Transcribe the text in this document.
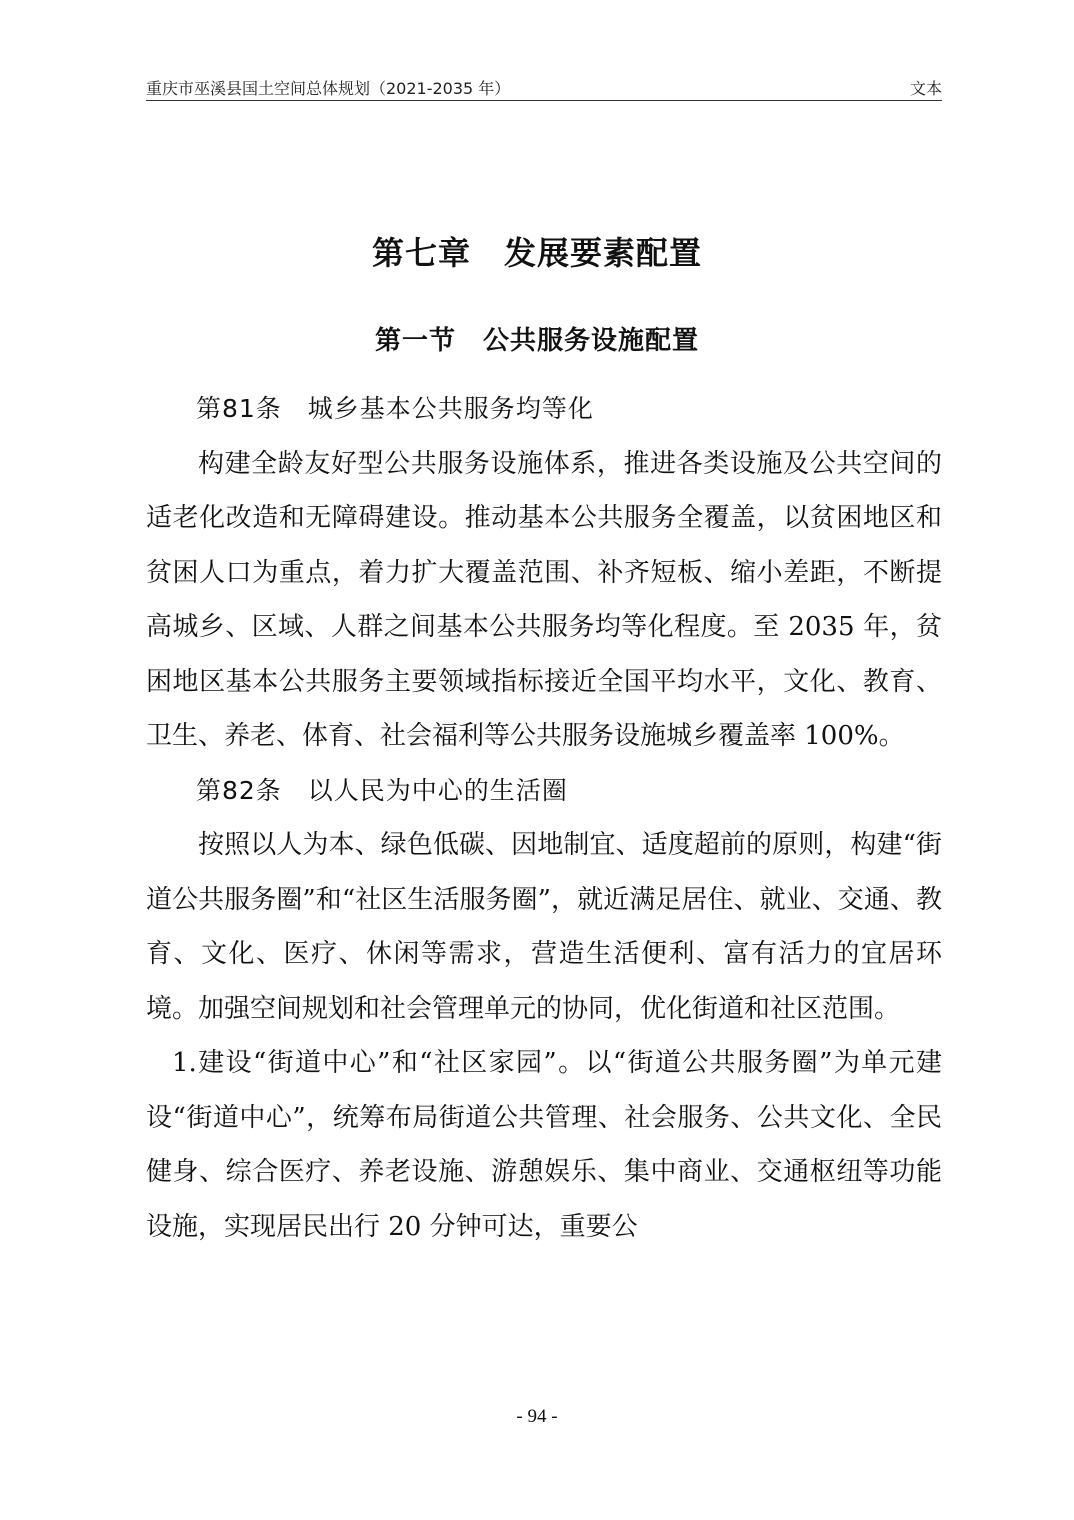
重庆市巫溪县国土空间总体规划（2021-2035 年）	文本
第七章　发展要素配置
第一节　公共服务设施配置

第81条　城乡基本公共服务均等化

构建全龄友好型公共服务设施体系，推进各类设施及公共空间的适老化改造和无障碍建设。推动基本公共服务全覆盖，以贫困地区和贫困人口为重点，着力扩大覆盖范围、补齐短板、缩小差距，不断提高城乡、区域、人群之间基本公共服务均等化程度。至 2035 年，贫困地区基本公共服务主要领域指标接近全国平均水平，文化、教育、卫生、养老、体育、社会福利等公共服务设施城乡覆盖率 100%。

第82条　以人民为中心的生活圈

按照以人为本、绿色低碳、因地制宜、适度超前的原则，构建“街道公共服务圈”和“社区生活服务圈”，就近满足居住、就业、交通、教育、文化、医疗、休闲等需求，营造生活便利、富有活力的宜居环境。加强空间规划和社会管理单元的协同，优化街道和社区范围。

1.建设“街道中心”和“社区家园”。以“街道公共服务圈”为单元建设“街道中心”，统筹布局街道公共管理、社会服务、公共文化、全民健身、综合医疗、养老设施、游憩娱乐、集中商业、交通枢纽等功能设施，实现居民出行 20 分钟可达，重要公

- 94 -
